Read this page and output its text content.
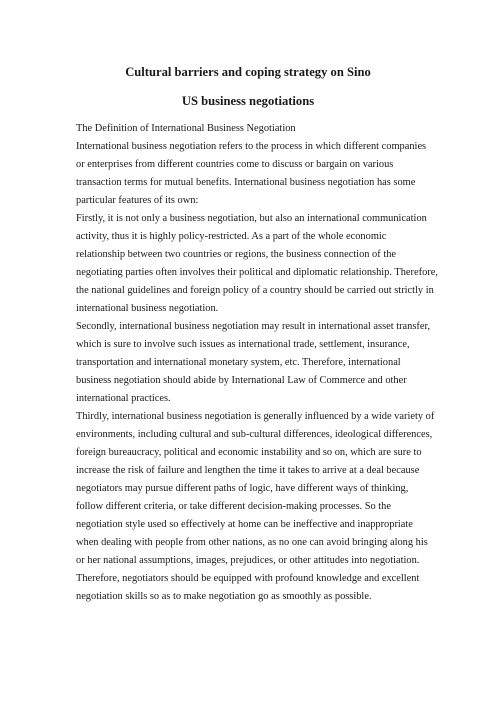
Cultural barriers and coping strategy on Sino
US business negotiations

The Definition of International Business Negotiation

International business negotiation refers to the process in which different companies
or enterprises from different countries come to discuss or bargain on various
transaction terms for mutual benefits. International business negotiation has some
particular features of its own:

Firstly, it is not only a business negotiation, but also an international communication
activity, thus it is highly policy-restricted. As a part of the whole economic
relationship between two countries or regions, the business connection of the
negotiating parties often involves their political and diplomatic relationship. Therefore,
the national guidelines and foreign policy of a country should be carried out strictly in
international business negotiation.

Secondly, international business negotiation may result in international asset transfer,
which is sure to involve such issues as international trade, settlement, insurance,
transportation and international monetary system, etc. Therefore, international
business negotiation should abide by International Law of Commerce and other
international practices.

Thirdly, international business negotiation is generally influenced by a wide variety of
environments, including cultural and sub-cultural differences, ideological differences,
foreign bureaucracy, political and economic instability and so on, which are sure to
increase the risk of failure and lengthen the time it takes to arrive at a deal because
negotiators may pursue different paths of logic, have different ways of thinking,
follow different criteria, or take different decision-making processes. So the
negotiation style used so effectively at home can be ineffective and inappropriate
when dealing with people from other nations, as no one can avoid bringing along his
or her national assumptions, images, prejudices, or other attitudes into negotiation.
Therefore, negotiators should be equipped with profound knowledge and excellent
negotiation skills so as to make negotiation go as smoothly as possible.
